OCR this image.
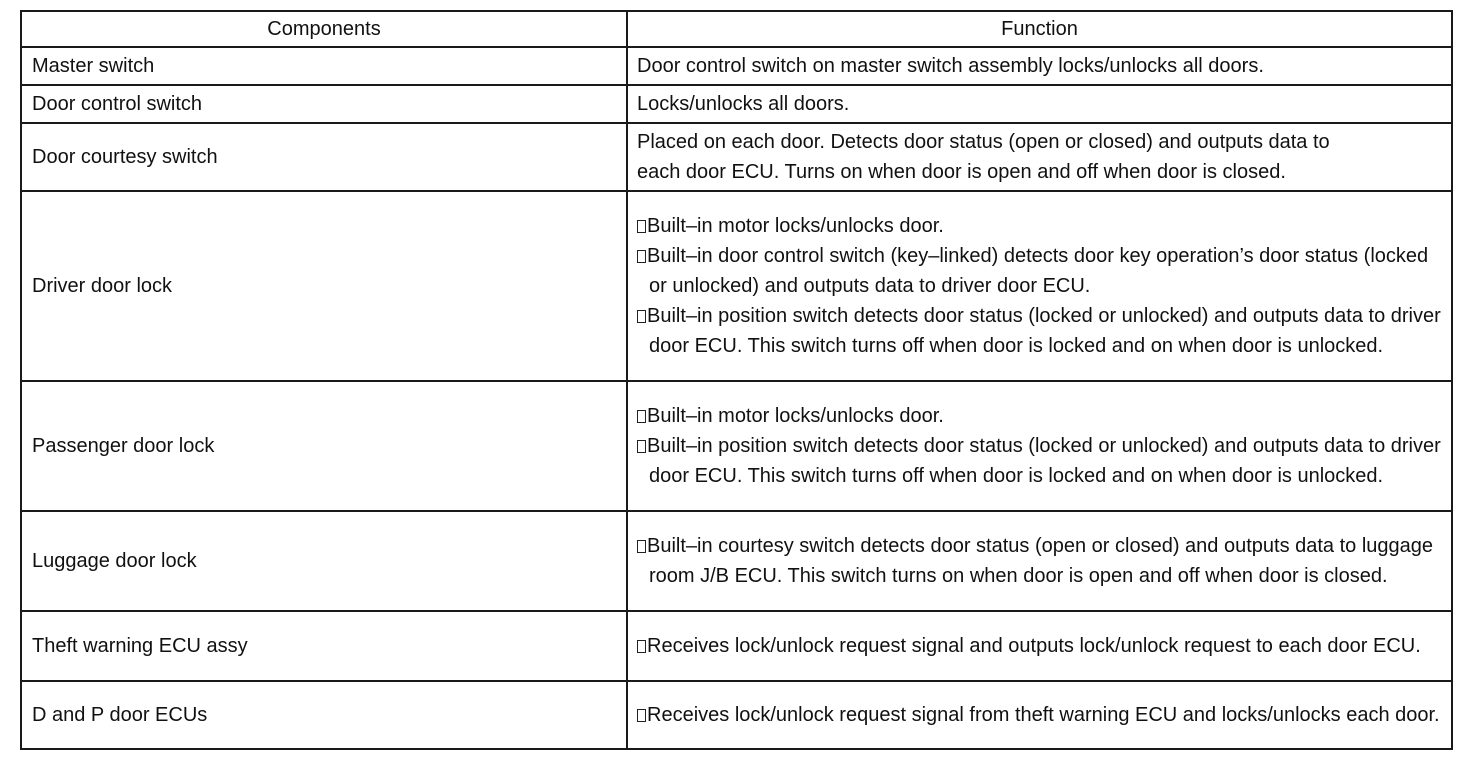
Components	Function
Master switch	Door control switch on master switch assembly locks/unlocks all doors.

Door control switch	Locks/unlocks all doors.

Door courtesy switch	Placed on each door. Detects door status (open or closed) and outputs data to
each door ECU. Turns on when door is open and off when door is closed.

Driver door lock	Built–in motor locks/unlocks door.
Built–in door control switch (key–linked) detects door key operation’s door status (locked or unlocked) and outputs data to driver door ECU.
Built–in position switch detects door status (locked or unlocked) and outputs data to driver door ECU. This switch turns off when door is locked and on when door is unlocked.

Passenger door lock	Built–in motor locks/unlocks door.
Built–in position switch detects door status (locked or unlocked) and outputs data to driver door ECU. This switch turns off when door is locked and on when door is unlocked.

Luggage door lock	Built–in courtesy switch detects door status (open or closed) and outputs data to luggage room J/B ECU. This switch turns on when door is open and off when door is closed.

Theft warning ECU assy	Receives lock/unlock request signal and outputs lock/unlock request to each door ECU.

D and P door ECUs	Receives lock/unlock request signal from theft warning ECU and locks/unlocks each door.
